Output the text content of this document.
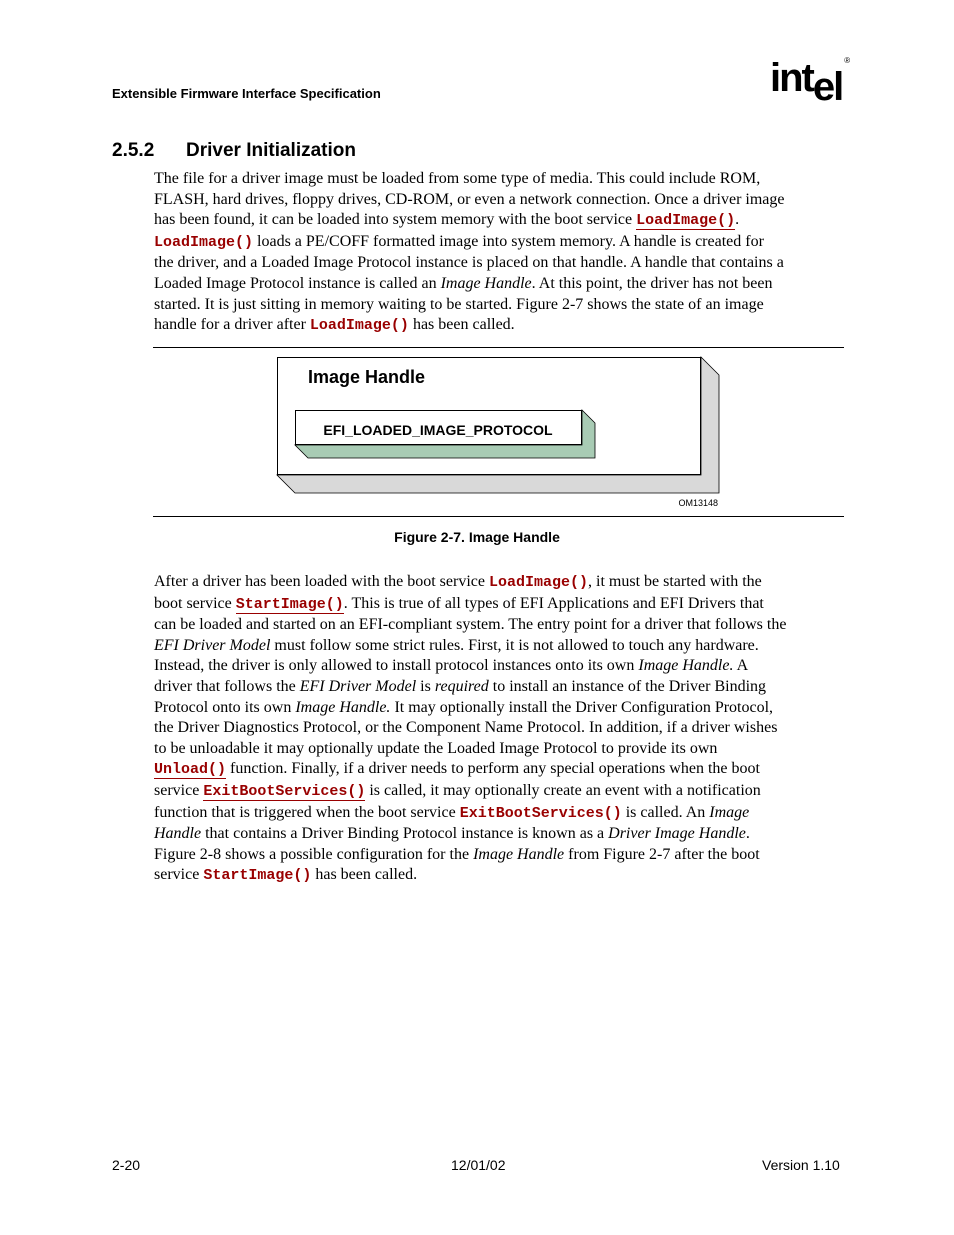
Extensible Firmware Interface Specification	intel®
2.5.2 Driver Initialization
The file for a driver image must be loaded from some type of media. This could include ROM,
FLASH, hard drives, floppy drives, CD-ROM, or even a network connection. Once a driver image
has been found, it can be loaded into system memory with the boot service LoadImage().
LoadImage() loads a PE/COFF formatted image into system memory. A handle is created for
the driver, and a Loaded Image Protocol instance is placed on that handle. A handle that contains a
Loaded Image Protocol instance is called an Image Handle. At this point, the driver has not been
started. It is just sitting in memory waiting to be started. Figure 2-7 shows the state of an image
handle for a driver after LoadImage() has been called.
Image Handle
EFI_LOADED_IMAGE_PROTOCOL
OM13148
Figure 2-7. Image Handle
After a driver has been loaded with the boot service LoadImage(), it must be started with the
boot service StartImage(). This is true of all types of EFI Applications and EFI Drivers that
can be loaded and started on an EFI-compliant system. The entry point for a driver that follows the
EFI Driver Model must follow some strict rules. First, it is not allowed to touch any hardware.
Instead, the driver is only allowed to install protocol instances onto its own Image Handle. A
driver that follows the EFI Driver Model is required to install an instance of the Driver Binding
Protocol onto its own Image Handle. It may optionally install the Driver Configuration Protocol,
the Driver Diagnostics Protocol, or the Component Name Protocol. In addition, if a driver wishes
to be unloadable it may optionally update the Loaded Image Protocol to provide its own
Unload() function. Finally, if a driver needs to perform any special operations when the boot
service ExitBootServices() is called, it may optionally create an event with a notification
function that is triggered when the boot service ExitBootServices() is called. An Image
Handle that contains a Driver Binding Protocol instance is known as a Driver Image Handle.
Figure 2-8 shows a possible configuration for the Image Handle from Figure 2-7 after the boot
service StartImage() has been called.
2-20	12/01/02	Version 1.10
